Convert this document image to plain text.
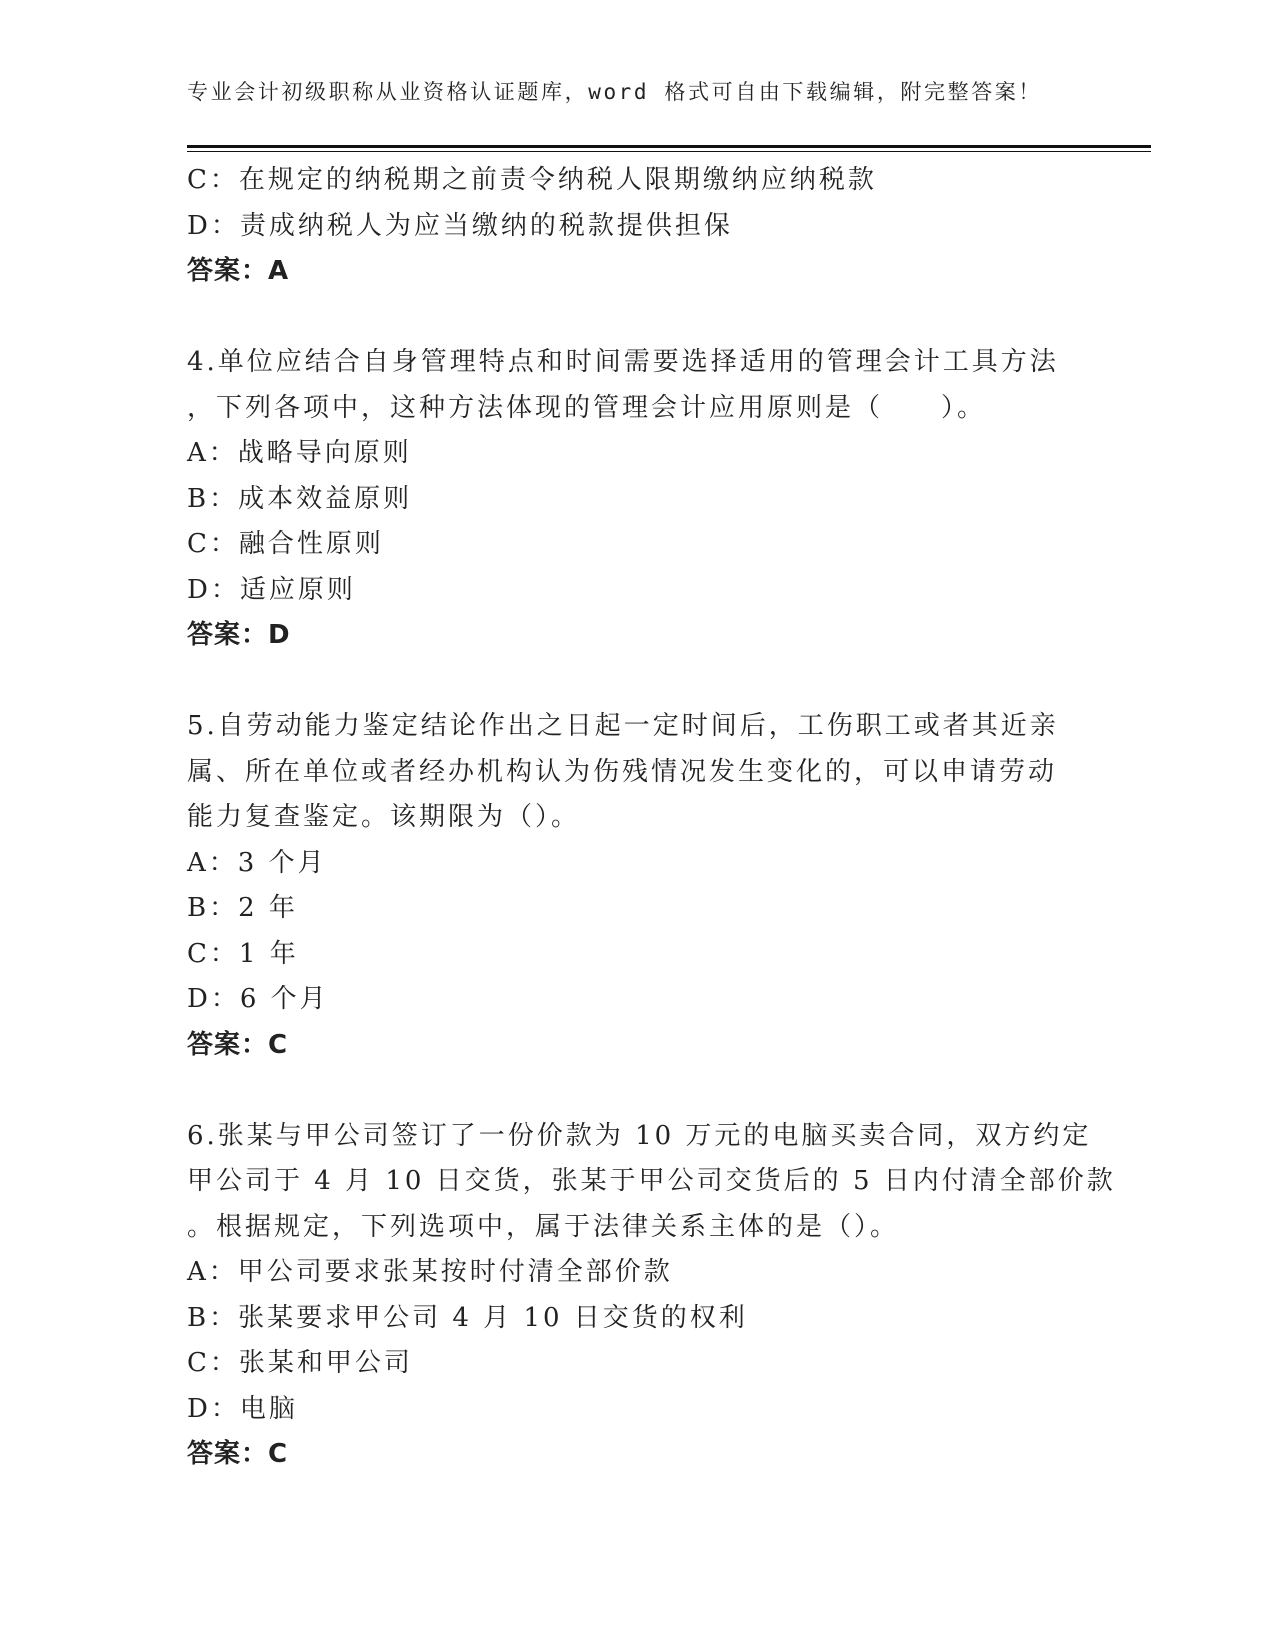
专业会计初级职称从业资格认证题库，word 格式可自由下载编辑，附完整答案！
C：在规定的纳税期之前责令纳税人限期缴纳应纳税款
D：责成纳税人为应当缴纳的税款提供担保
答案：A
4.单位应结合自身管理特点和时间需要选择适用的管理会计工具方法
，下列各项中，这种方法体现的管理会计应用原则是（　　）。
A：战略导向原则
B：成本效益原则
C：融合性原则
D：适应原则
答案：D
5.自劳动能力鉴定结论作出之日起一定时间后，工伤职工或者其近亲
属、所在单位或者经办机构认为伤残情况发生变化的，可以申请劳动
能力复查鉴定。该期限为（）。
A：3 个月
B：2 年
C：1 年
D：6 个月
答案：C
6.张某与甲公司签订了一份价款为 10 万元的电脑买卖合同，双方约定
甲公司于 4 月 10 日交货，张某于甲公司交货后的 5 日内付清全部价款
。根据规定，下列选项中，属于法律关系主体的是（）。
A：甲公司要求张某按时付清全部价款
B：张某要求甲公司 4 月 10 日交货的权利
C：张某和甲公司
D：电脑
答案：C
